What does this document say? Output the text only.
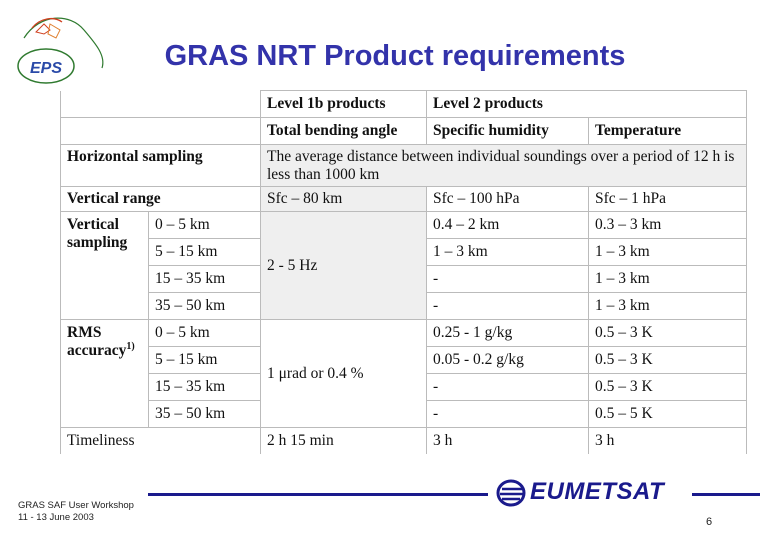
EPS	GRAS NRT Product requirements
		Level 1b products	Level 2 products	
		Total bending angle	Specific humidity	Temperature
Horizontal sampling		The average distance between individual soundings over a period of 12 h is less than 1000 km		
Vertical range		Sfc – 80 km	Sfc – 100 hPa	Sfc – 1 hPa
Vertical sampling	0 – 5 km	2 - 5 Hz	0.4 – 2 km	0.3 – 3 km
	5 – 15 km		1 – 3 km	1 – 3 km
	15 – 35 km		-	1 – 3 km
	35 – 50 km		-	1 – 3 km
RMS accuracy$^{1)}$	0 – 5 km	1 μrad or 0.4 %	0.25 - 1 g/kg	0.5 – 3 K
	5 – 15 km		0.05 - 0.2 g/kg	0.5 – 3 K
	15 – 35 km		-	0.5 – 3 K
	35 – 50 km		-	0.5 – 5 K
Timeliness		2 h 15 min	3 h	3 h
GRAS SAF User Workshop
11 - 13 June 2003
EUMETSAT
6
